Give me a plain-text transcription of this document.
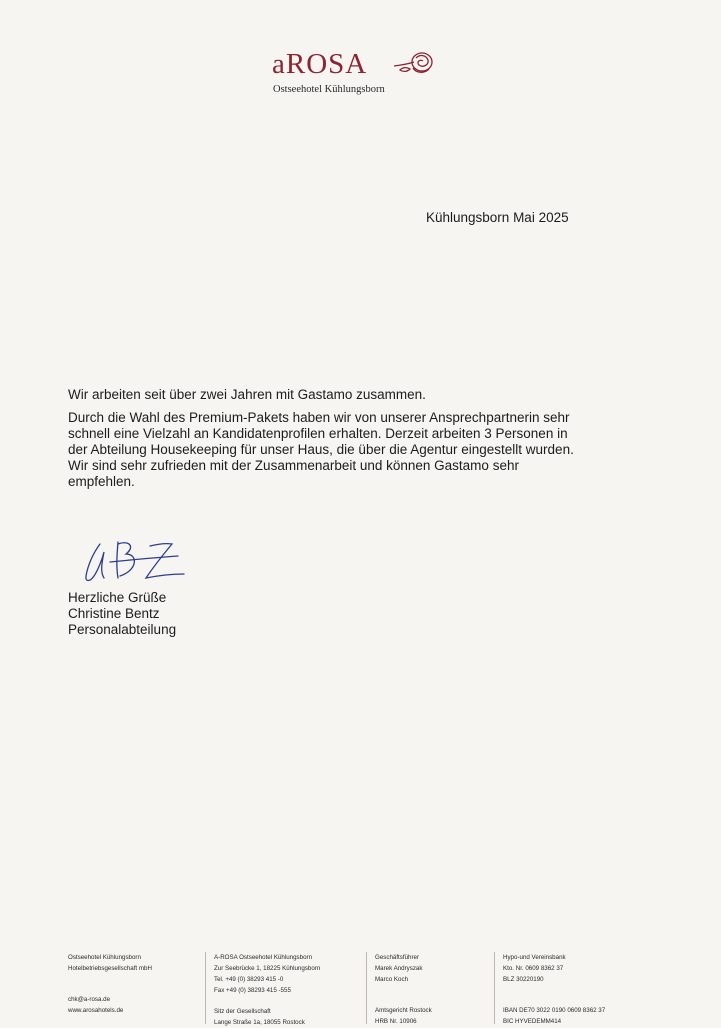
aROSA
Ostseehotel Kühlungsborn
Kühlungsborn Mai 2025

Wir arbeiten seit über zwei Jahren mit Gastamo zusammen.

Durch die Wahl des Premium-Pakets haben wir von unserer Ansprechpartnerin sehr
schnell eine Vielzahl an Kandidatenprofilen erhalten. Derzeit arbeiten 3 Personen in
der Abteilung Housekeeping für unser Haus, die über die Agentur eingestellt wurden.
Wir sind sehr zufrieden mit der Zusammenarbeit und können Gastamo sehr
empfehlen.

Herzliche Grüße
Christine Bentz
Personalabteilung
Ostseehotel Kühlungsborn
Hotelbetriebsgesellschaft mbH
chk@a-rosa.de
www.arosahotels.de
A-ROSA Ostseehotel Kühlungsborn
Zur Seebrücke 1, 18225 Kühlungsborn
Tel. +49 (0) 38293 415 -0
Fax +49 (0) 38293 415 -555
Sitz der Gesellschaft
Lange Straße 1a, 18055 Rostock
Geschäftsführer
Marek Andryszak
Marco Koch
Amtsgericht Rostock
HRB Nr. 10906
Hypo-und Vereinsbank
Kto. Nr. 0609 8362 37
BLZ 30220190
IBAN DE70 3022 0190 0609 8362 37
BIC HYVEDEMM414
